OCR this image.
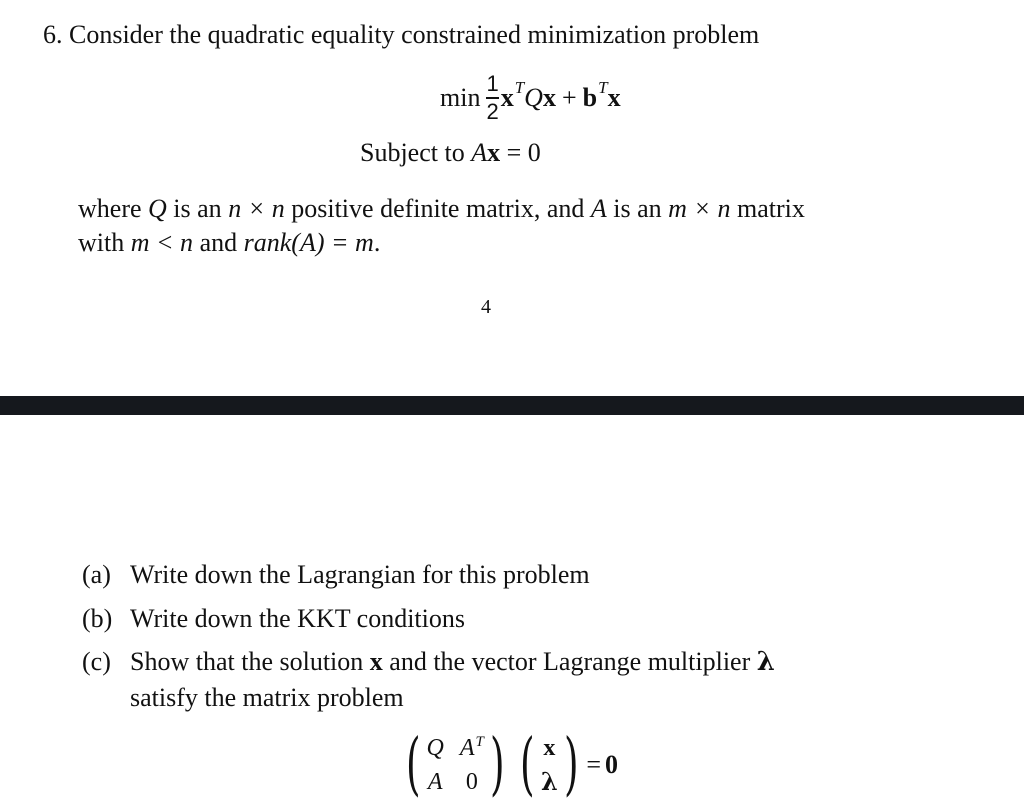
6. Consider the quadratic equality constrained minimization problem
$\min \frac{1}{2}$ x T Q x + b T x
Subject to Ax = 0
where Q is an n × n positive definite matrix, and A is an m × n matrix
with m < n and rank(A) = m.
4
(a) Write down the Lagrangian for this problem
(b) Write down the KKT conditions
(c) Show that the solution x and the vector Lagrange multiplier λ
satisfy the matrix problem
( Q $A^T$
A 0 ) ( x
λ ) = 0
